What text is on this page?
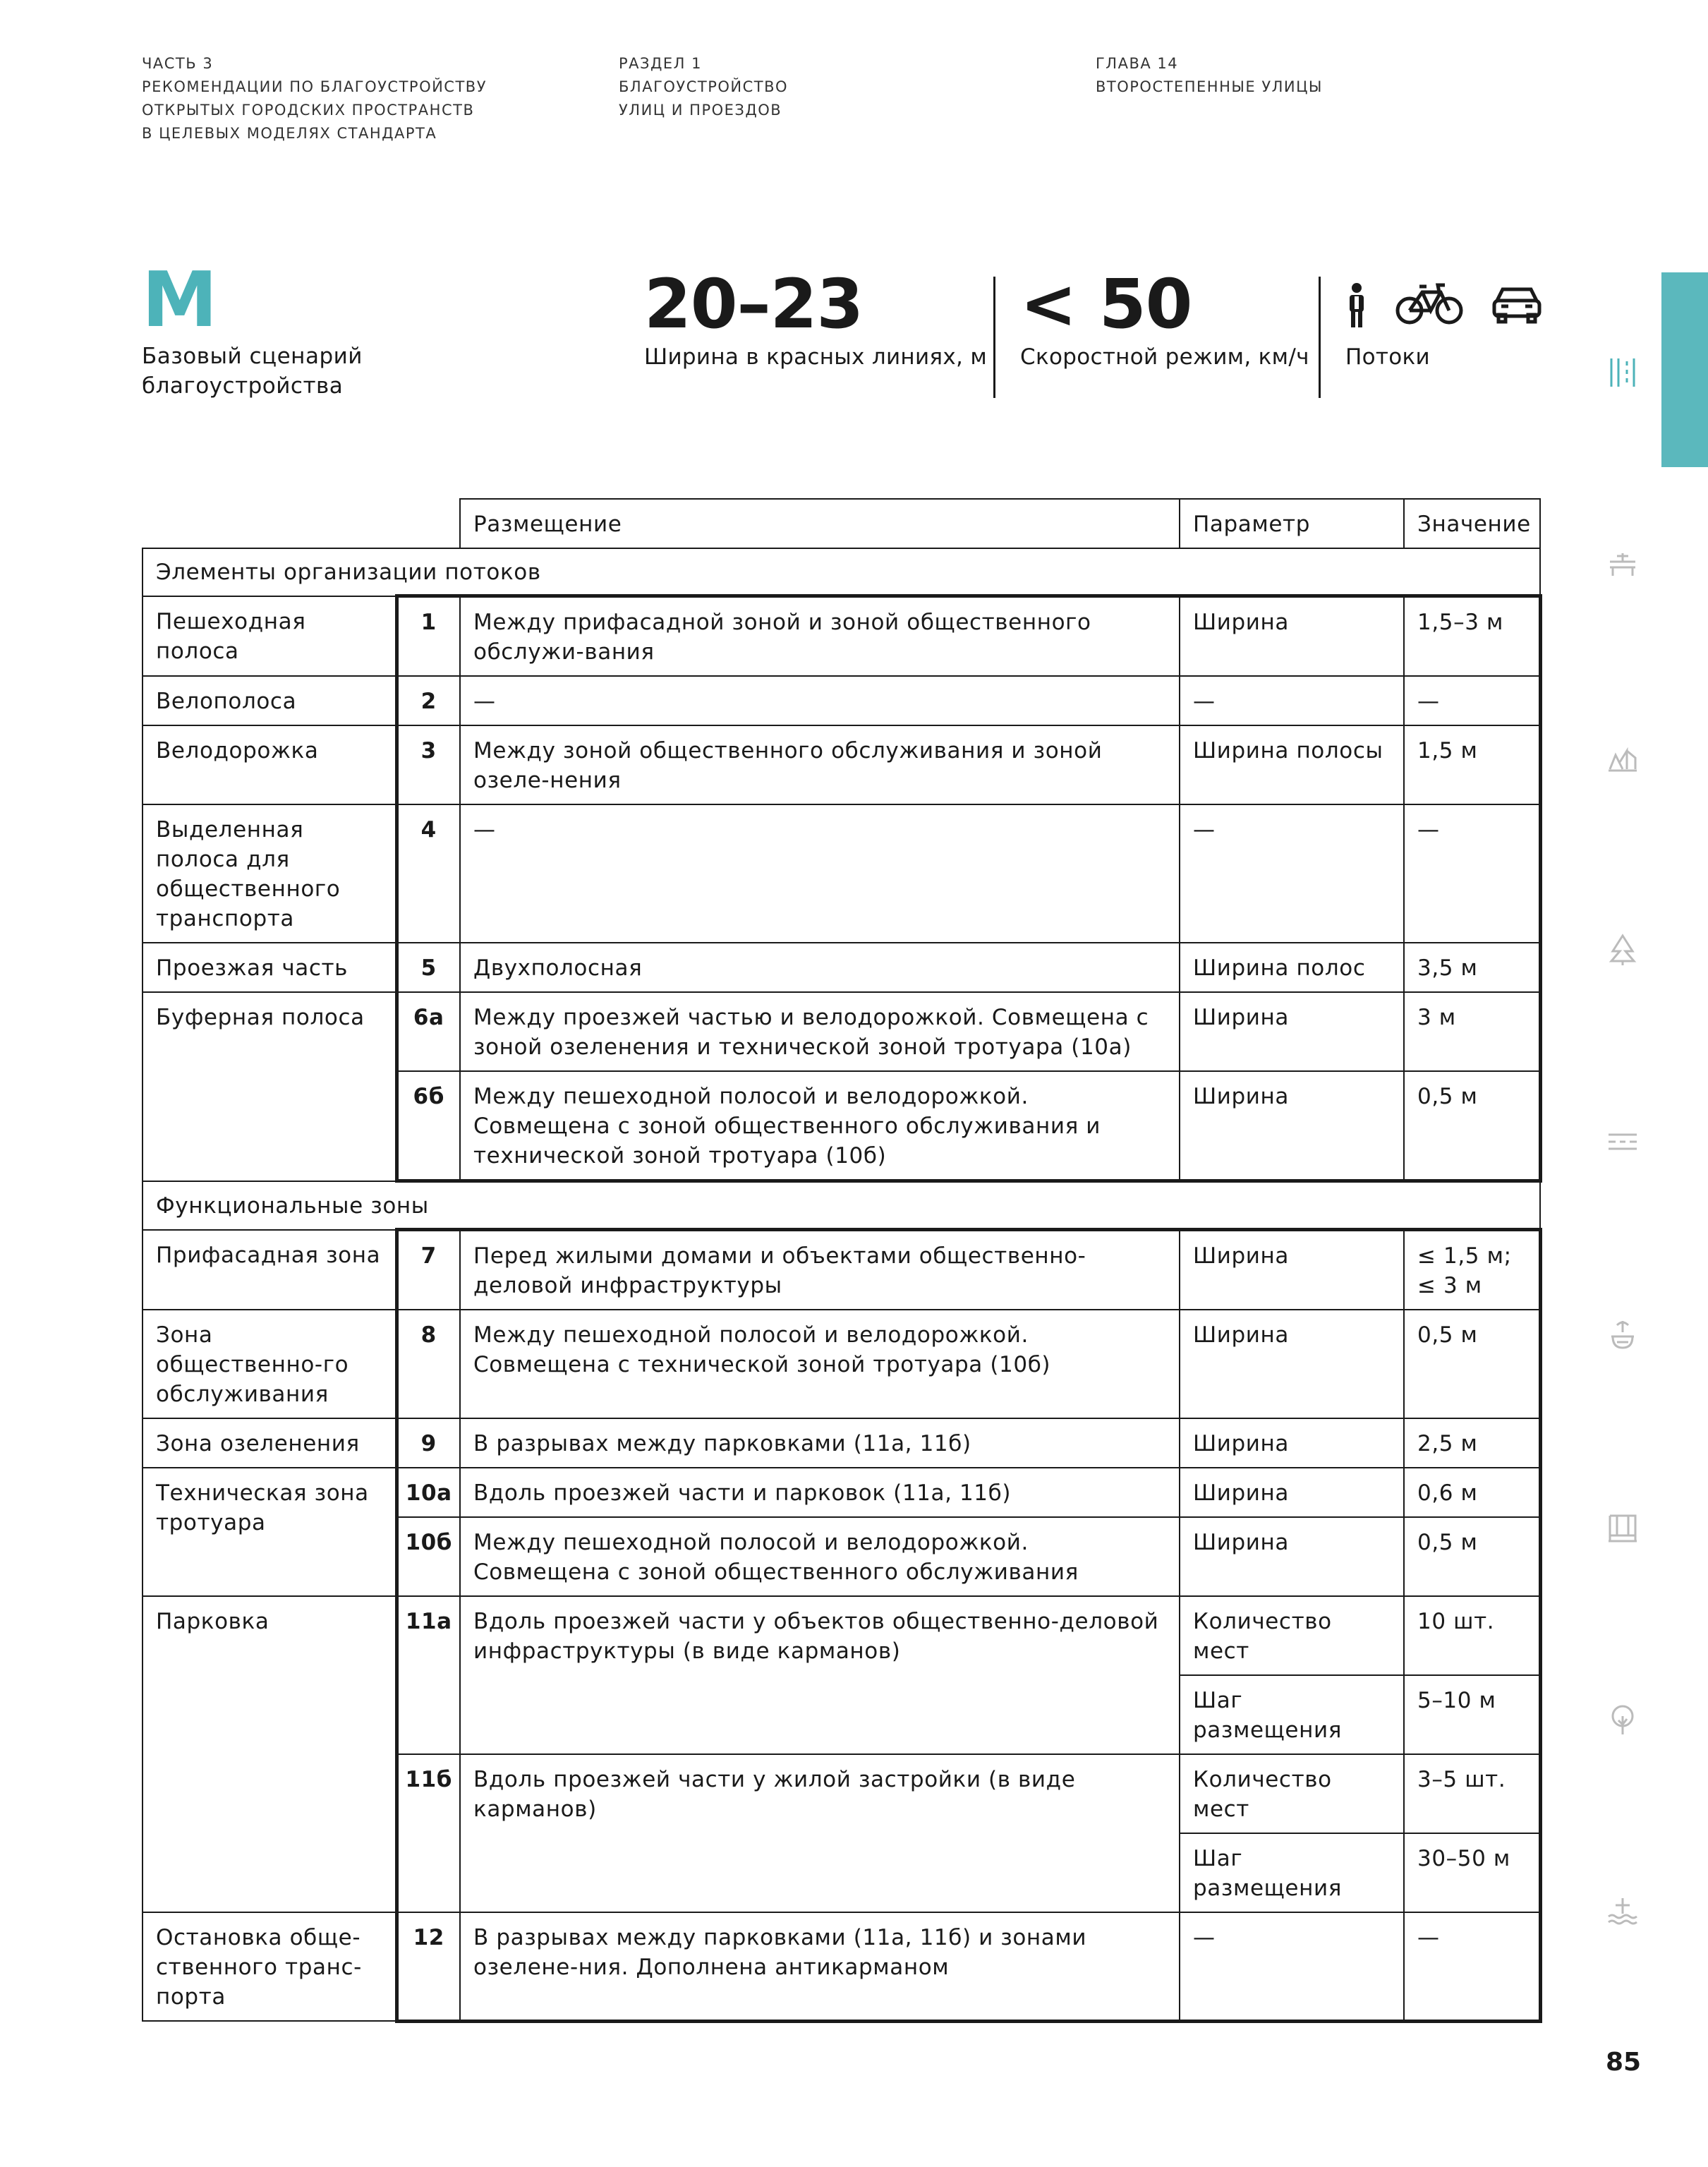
ЧАСТЬ 3
РЕКОМЕНДАЦИИ ПО БЛАГОУСТРОЙСТВУ
ОТКРЫТЫХ ГОРОДСКИХ ПРОСТРАНСТВ
В ЦЕЛЕВЫХ МОДЕЛЯХ СТАНДАРТА
РАЗДЕЛ 1
БЛАГОУСТРОЙСТВО
УЛИЦ И ПРОЕЗДОВ
ГЛАВА 14
ВТОРОСТЕПЕННЫЕ УЛИЦЫ
M
Базовый сценарий
благоустройства
20–23
Ширина в красных линиях, м
< 50
Скоростной режим, км/ч Потоки
		Размещение	Параметр	Значение
Элементы организации потоков				
Пешеходная полоса	1	Между прифасадной зоной и зоной общественного обслужи-вания	Ширина	1,5–3 м
Велополоса	2	—	—	—
Велодорожка	3	Между зоной общественного обслуживания и зоной озеле-нения	Ширина полосы	1,5 м
Выделенная полоса для общественного транспорта	4	—	—	—
Проезжая часть	5	Двухполосная	Ширина полос	3,5 м
Буферная полоса	6а	Между проезжей частью и велодорожкой. Совмещена с зоной озеленения и технической зоной тротуара (10а)	Ширина	3 м
	6б	Между пешеходной полосой и велодорожкой. Совмещена с зоной общественного обслуживания и технической зоной тротуара (10б)	Ширина	0,5 м
Функциональные зоны				
Прифасадная зона	7	Перед жилыми домами и объектами общественно-деловой инфраструктуры	Ширина	≤ 1,5 м; ≤ 3 м
Зона общественно-го обслуживания	8	Между пешеходной полосой и велодорожкой. Совмещена с технической зоной тротуара (10б)	Ширина	0,5 м
Зона озеленения	9	В разрывах между парковками (11а, 11б)	Ширина	2,5 м
Техническая зона тротуара	10а	Вдоль проезжей части и парковок (11а, 11б)	Ширина	0,6 м
	10б	Между пешеходной полосой и велодорожкой. Совмещена с зоной общественного обслуживания	Ширина	0,5 м
Парковка	11а	Вдоль проезжей части у объектов общественно-деловой инфраструктуры (в виде карманов)	Количество мест	10 шт.
			Шаг размещения	5–10 м
	11б	Вдоль проезжей части у жилой застройки (в виде карманов)	Количество мест	3–5 шт.
			Шаг размещения	30–50 м
Остановка обще-ственного транс-порта	12	В разрывах между парковками (11а, 11б) и зонами озелене-ния. Дополнена антикарманом	—	—
85
